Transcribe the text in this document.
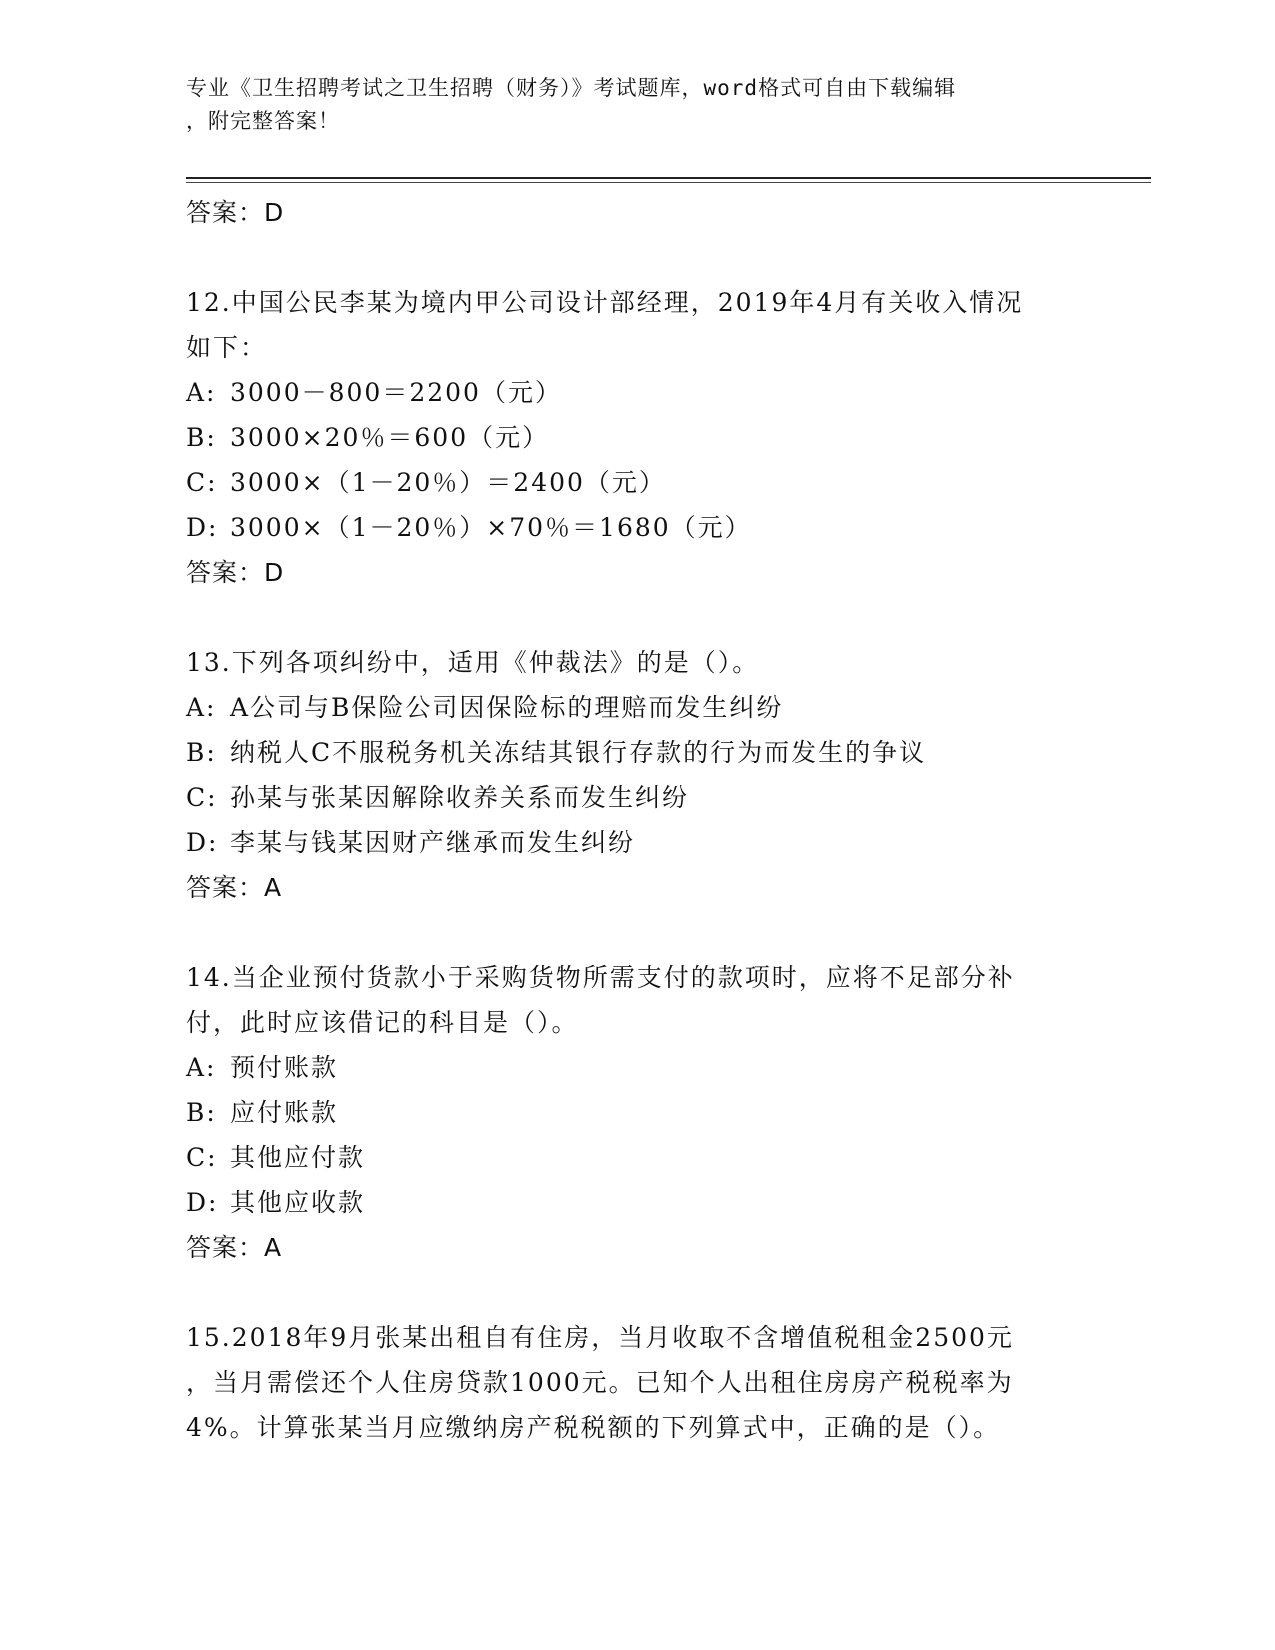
专业《卫生招聘考试之卫生招聘（财务）》考试题库，word格式可自由下载编辑
，附完整答案！
答案：D
12.中国公民李某为境内甲公司设计部经理，2019年4月有关收入情况
如下：
A: 3000－800＝2200（元）
B: 3000×20％＝600（元）
C: 3000×（1－20％）＝2400（元）
D: 3000×（1－20％）×70％＝1680（元）
答案：D
13.下列各项纠纷中，适用《仲裁法》的是（）。
A: A公司与B保险公司因保险标的理赔而发生纠纷
B: 纳税人C不服税务机关冻结其银行存款的行为而发生的争议
C: 孙某与张某因解除收养关系而发生纠纷
D: 李某与钱某因财产继承而发生纠纷
答案：A
14.当企业预付货款小于采购货物所需支付的款项时，应将不足部分补
付，此时应该借记的科目是（）。
A: 预付账款
B: 应付账款
C: 其他应付款
D: 其他应收款
答案：A
15.2018年9月张某出租自有住房，当月收取不含增值税租金2500元
，当月需偿还个人住房贷款1000元。已知个人出租住房房产税税率为
4%。计算张某当月应缴纳房产税税额的下列算式中，正确的是（）。
